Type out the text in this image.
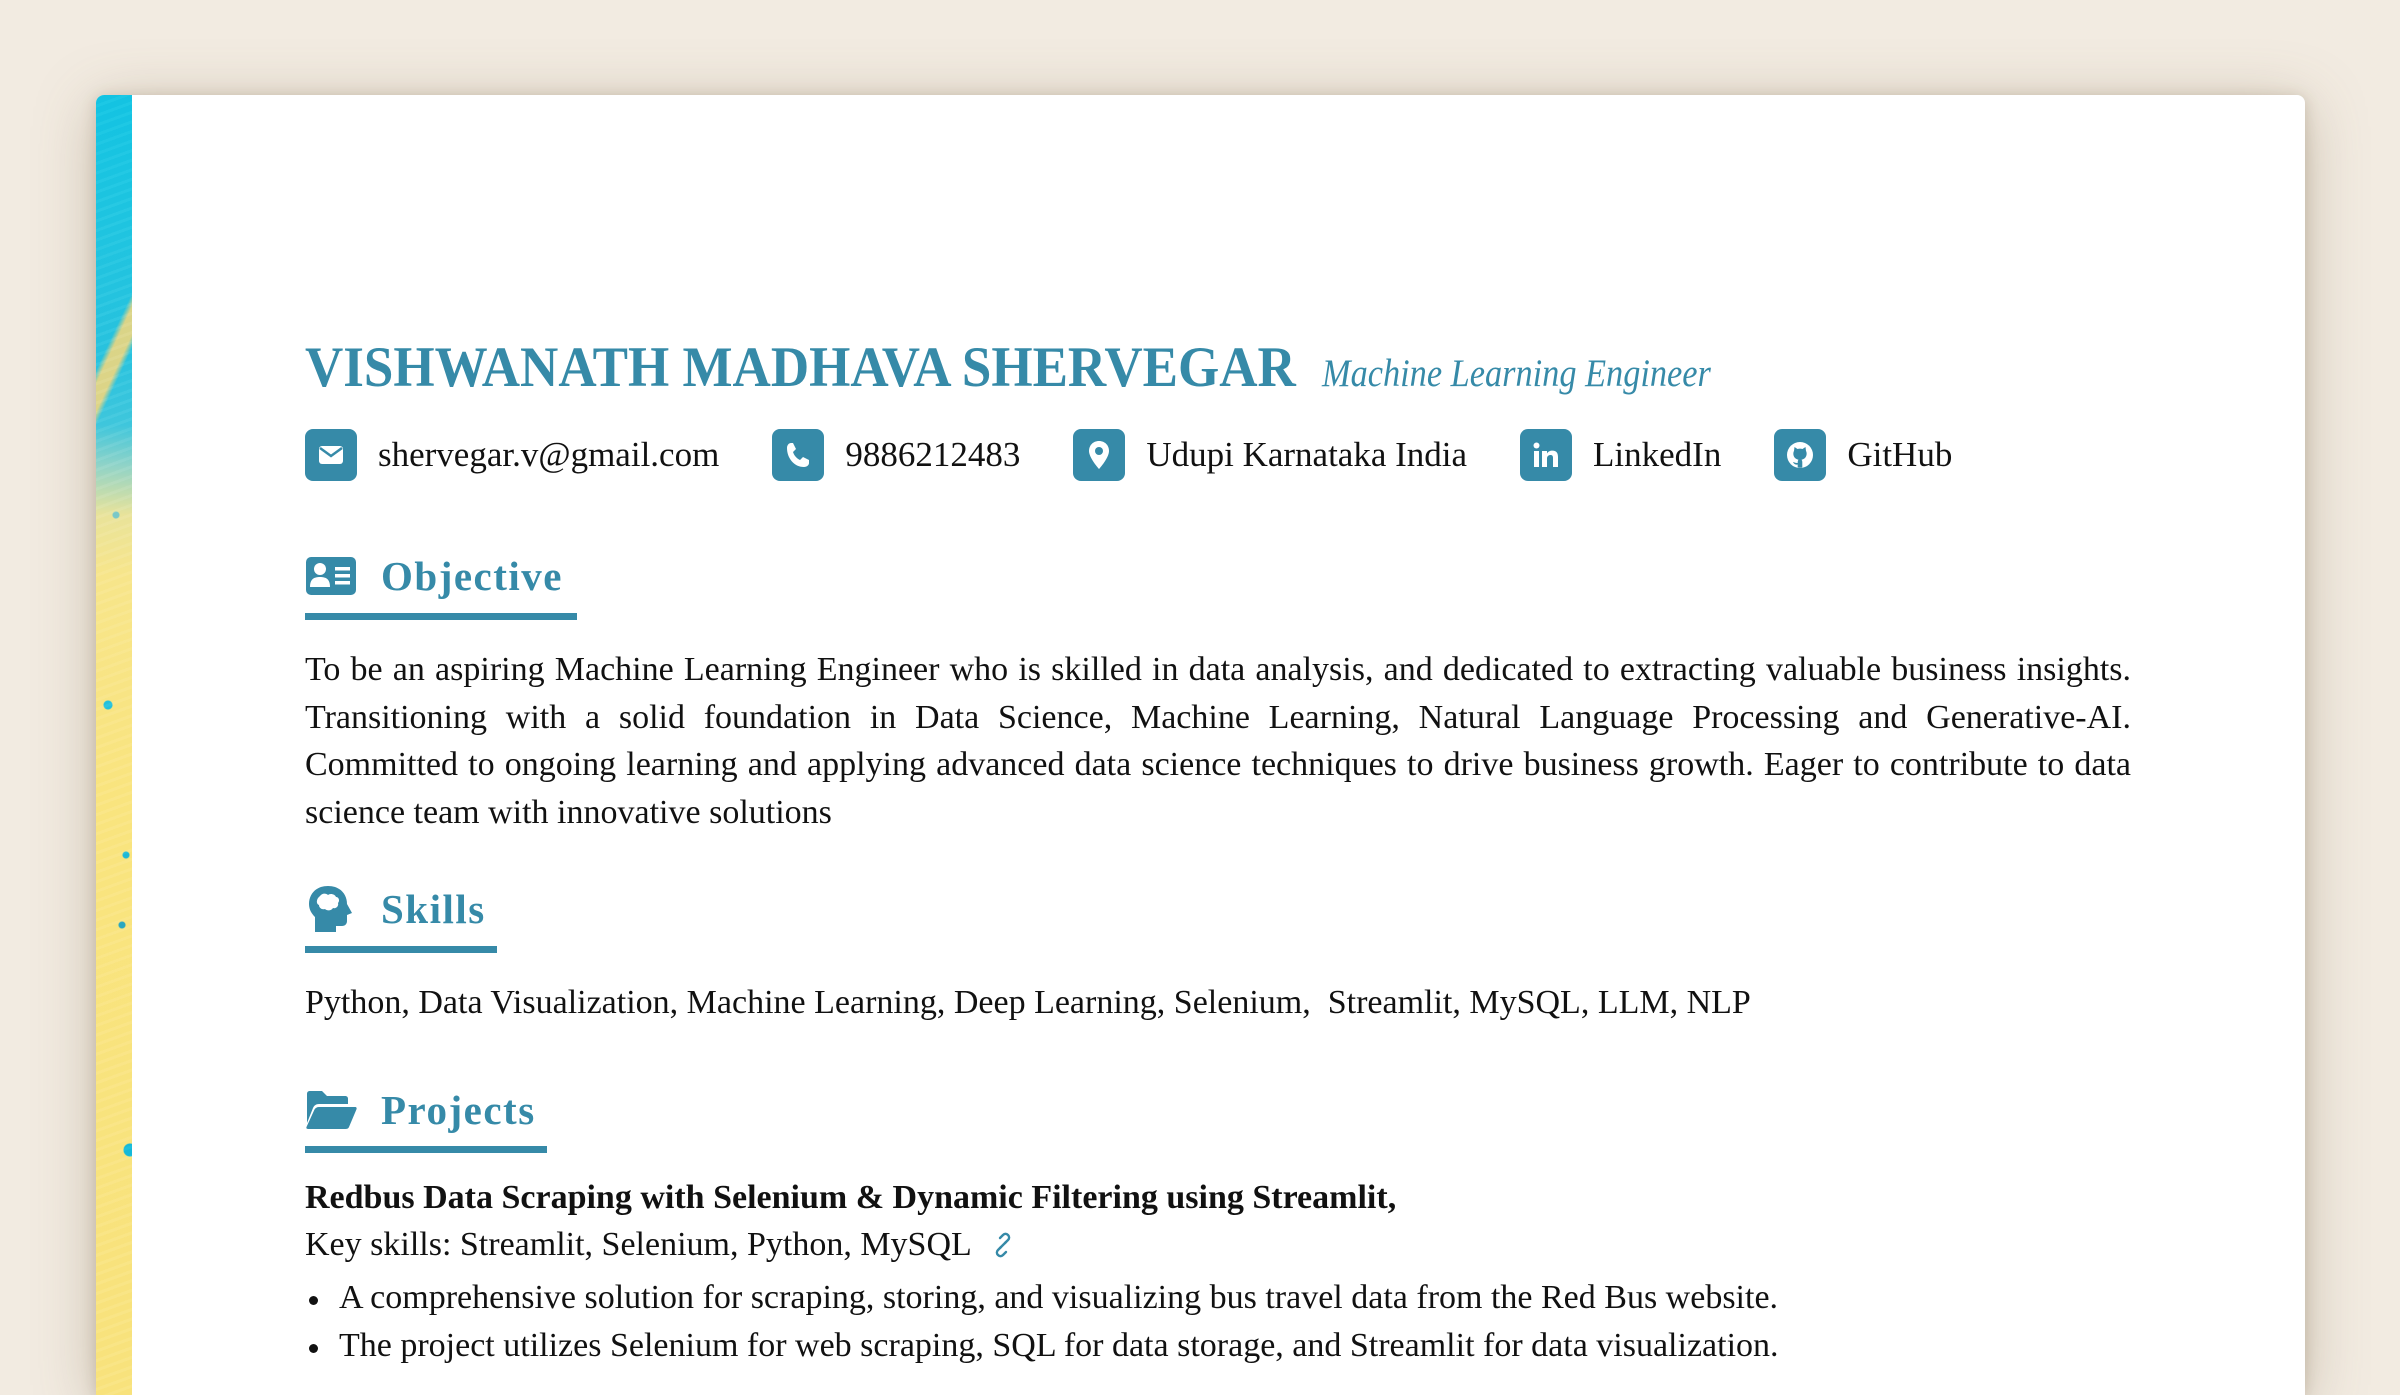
VISHWANATH MADHAVA SHERVEGAR Machine Learning Engineer
shervegar.v@gmail.com	9886212483	Udupi Karnataka India	LinkedIn	GitHub
Objective

To be an aspiring Machine Learning Engineer who is skilled in data analysis, and dedicated to extracting valuable business insights. Transitioning with a solid foundation in Data Science, Machine Learning, Natural Language Processing and Generative-AI. Committed to ongoing learning and applying advanced data science techniques to drive business growth. Eager to contribute to data science team with innovative solutions

Skills
Python, Data Visualization, Machine Learning, Deep Learning, Selenium,  Streamlit, MySQL, LLM, NLP
Projects
Redbus Data Scraping with Selenium & Dynamic Filtering using Streamlit,
Key skills: Streamlit, Selenium, Python, MySQL
A comprehensive solution for scraping, storing, and visualizing bus travel data from the Red Bus website.
The project utilizes Selenium for web scraping, SQL for data storage, and Streamlit for data visualization.
